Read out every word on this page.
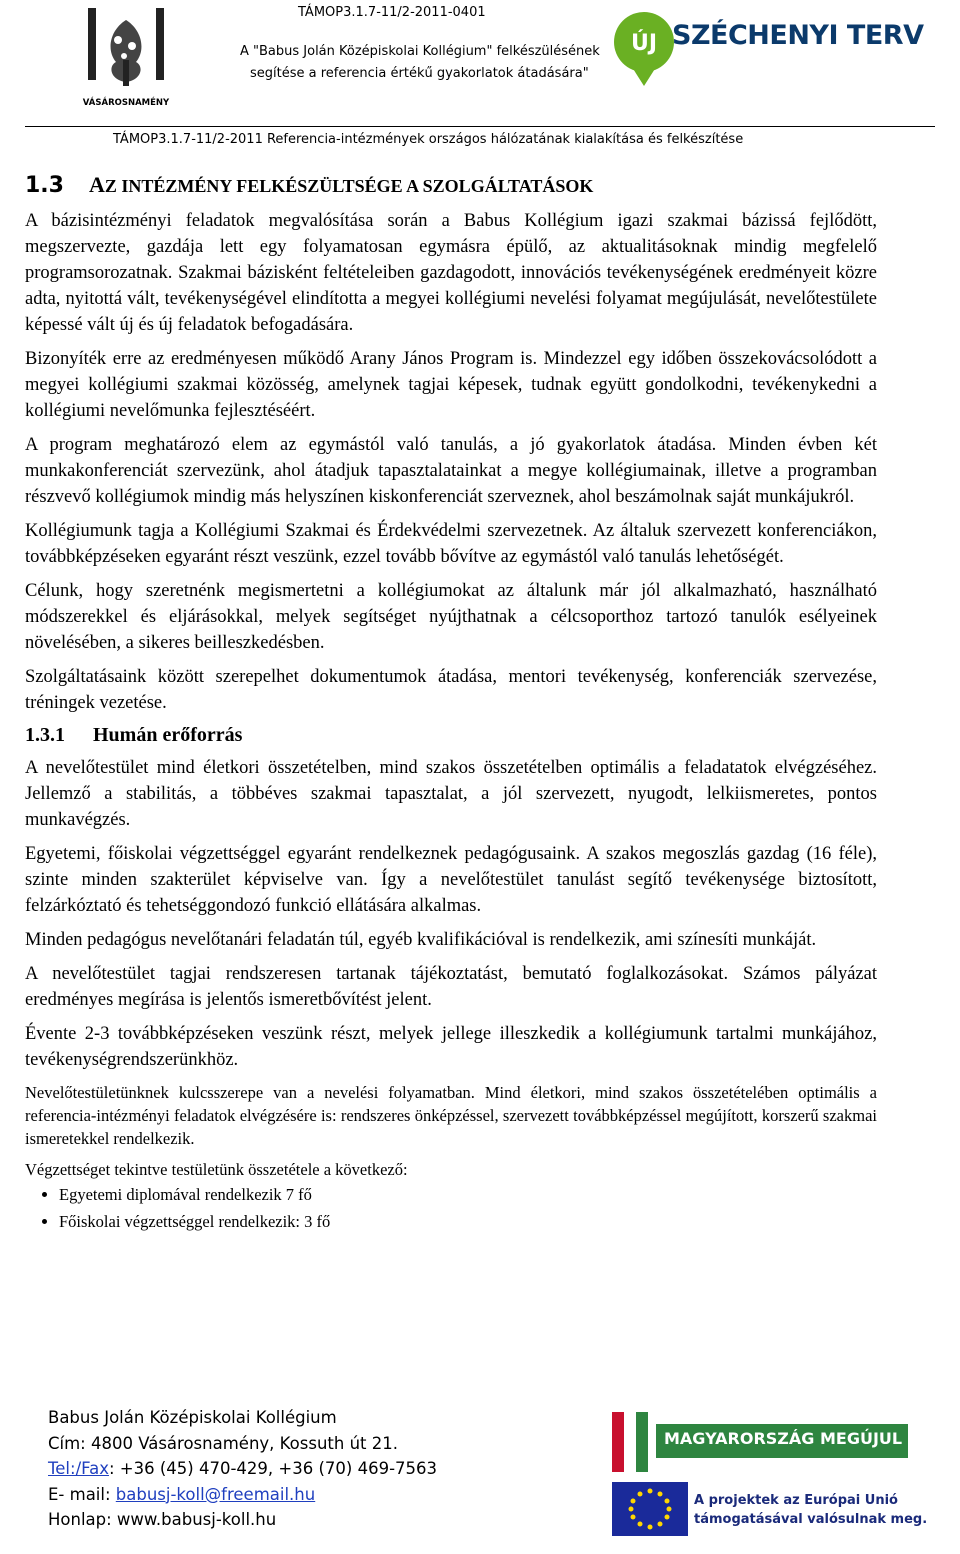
VÁSÁROSNAMÉNY
TÁMOP3.1.7-11/2-2011-0401
A "Babus Jolán Középiskolai Kollégium" felkészülésének
segítése a referencia értékű gyakorlatok átadására"
ÚJ SZÉCHENYI TERV
TÁMOP3.1.7-11/2-2011 Referencia-intézmények országos hálózatának kialakítása és felkészítése
1.3 AZ INTÉZMÉNY FELKÉSZÜLTSÉGE A SZOLGÁLTATÁSOK

A bázisintézményi feladatok megvalósítása során a Babus Kollégium igazi szakmai bázissá fejlődött, megszervezte, gazdája lett egy folyamatosan egymásra épülő, az aktualitásoknak mindig megfelelő programsorozatnak. Szakmai bázisként feltételeiben gazdagodott, innovációs tevékenységének eredményeit közre adta, nyitottá vált, tevékenységével elindította a megyei kollégiumi nevelési folyamat megújulását, nevelőtestülete képessé vált új és új feladatok befogadására.

Bizonyíték erre az eredményesen működő Arany János Program is. Mindezzel egy időben összekovácsolódott a megyei kollégiumi szakmai közösség, amelynek tagjai képesek, tudnak együtt gondolkodni, tevékenykedni a kollégiumi nevelőmunka fejlesztéséért.

A program meghatározó elem az egymástól való tanulás, a jó gyakorlatok átadása. Minden évben két munkakonferenciát szervezünk, ahol átadjuk tapasztalatainkat a megye kollégiumainak, illetve a programban részvevő kollégiumok mindig más helyszínen kiskonferenciát szerveznek, ahol beszámolnak saját munkájukról.

Kollégiumunk tagja a Kollégiumi Szakmai és Érdekvédelmi szervezetnek. Az általuk szervezett konferenciákon, továbbképzéseken egyaránt részt veszünk, ezzel tovább bővítve az egymástól való tanulás lehetőségét.

Célunk, hogy szeretnénk megismertetni a kollégiumokat az általunk már jól alkalmazható, használható módszerekkel és eljárásokkal, melyek segítséget nyújthatnak a célcsoporthoz tartozó tanulók esélyeinek növelésében, a sikeres beilleszkedésben.

Szolgáltatásaink között szerepelhet dokumentumok átadása, mentori tevékenység, konferenciák szervezése, tréningek vezetése.

1.3.1 Humán erőforrás

A nevelőtestület mind életkori összetételben, mind szakos összetételben optimális a feladatatok elvégzéséhez. Jellemző a stabilitás, a többéves szakmai tapasztalat, a jól szervezett, nyugodt, lelkiismeretes, pontos munkavégzés.

Egyetemi, főiskolai végzettséggel egyaránt rendelkeznek pedagógusaink. A szakos megoszlás gazdag (16 féle), szinte minden szakterület képviselve van. Így a nevelőtestület tanulást segítő tevékenysége biztosított, felzárkóztató és tehetséggondozó funkció ellátására alkalmas.

Minden pedagógus nevelőtanári feladatán túl, egyéb kvalifikációval is rendelkezik, ami színesíti munkáját.

A nevelőtestület tagjai rendszeresen tartanak tájékoztatást, bemutató foglalkozásokat. Számos pályázat eredményes megírása is jelentős ismeretbővítést jelent.

Évente 2-3 továbbképzéseken veszünk részt, melyek jellege illeszkedik a kollégiumunk tartalmi munkájához, tevékenységrendszerünkhöz.

Nevelőtestületünknek kulcsszerepe van a nevelési folyamatban. Mind életkori, mind szakos összetételében optimális a referencia-intézményi feladatok elvégzésére is: rendszeres önképzéssel, szervezett továbbképzéssel megújított, korszerű szakmai ismeretekkel rendelkezik.

Végzettséget tekintve testületünk összetétele a következő:

• Egyetemi diplomával rendelkezik 7 fő
• Főiskolai végzettséggel rendelkezik: 3 fő
Babus Jolán Középiskolai Kollégium
Cím: 4800 Vásárosnamény, Kossuth út 21.
Tel:/Fax: +36 (45) 470-429, +36 (70) 469-7563
E- mail: babusj-koll@freemail.hu
Honlap: www.babusj-koll.hu
MAGYARORSZÁG MEGÚJUL
A projektek az Európai Unió
támogatásával valósulnak meg.
